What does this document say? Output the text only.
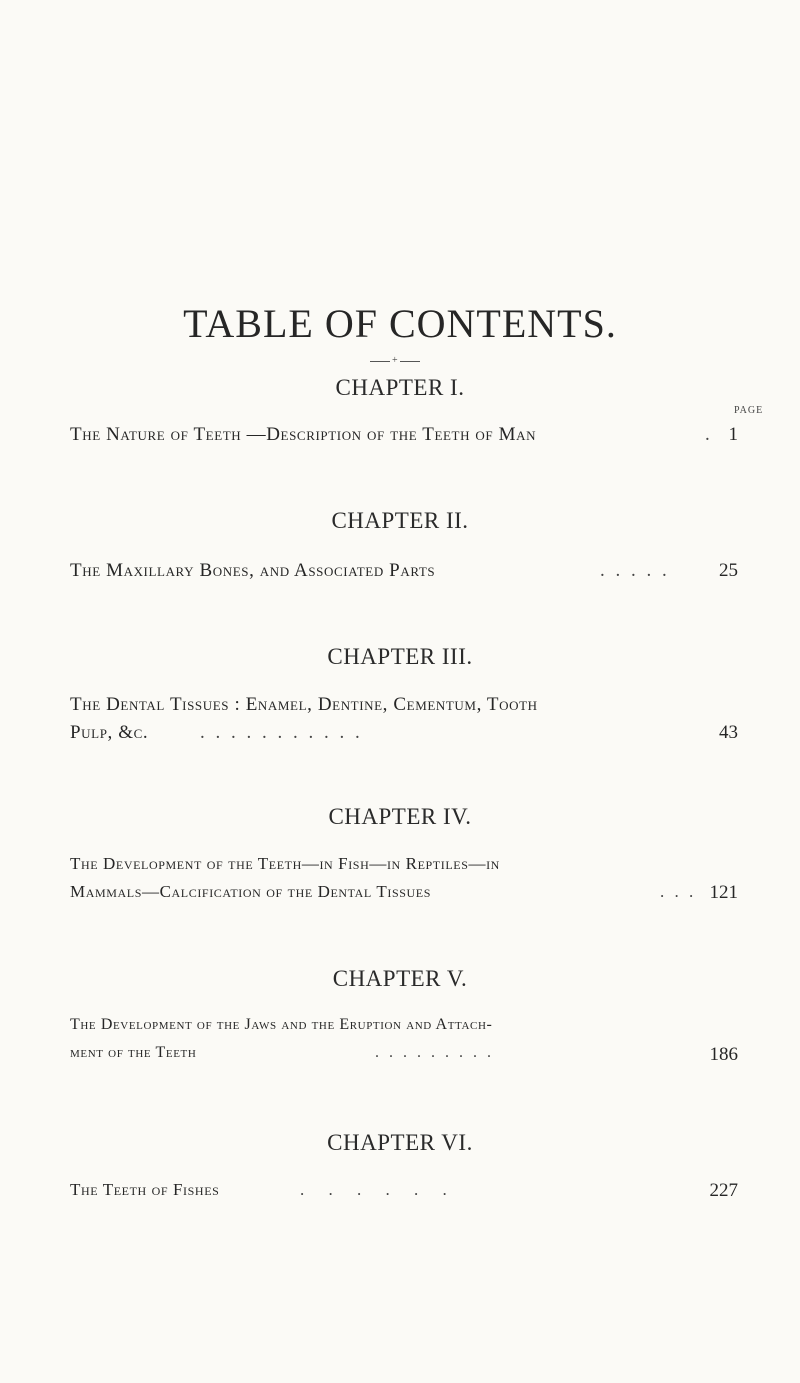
TABLE OF CONTENTS.
+
CHAPTER I.
PAGE
The Nature of Teeth —Description of the Teeth of Man	. 1
CHAPTER II.
The Maxillary Bones, and Associated Parts	. . . . .	25
CHAPTER III.
The Dental Tissues : Enamel, Dentine, Cementum, Tooth
Pulp, &c.	. . . . . . . . . . .	43
CHAPTER IV.
The Development of the Teeth—in Fish—in Reptiles—in
Mammals—Calcification of the Dental Tissues	. . . 121
CHAPTER V.
The Development of the Jaws and the Eruption and Attach-
ment of the Teeth	. . . . . . . . .	186
CHAPTER VI.
The Teeth of Fishes	. . . . . .	227
